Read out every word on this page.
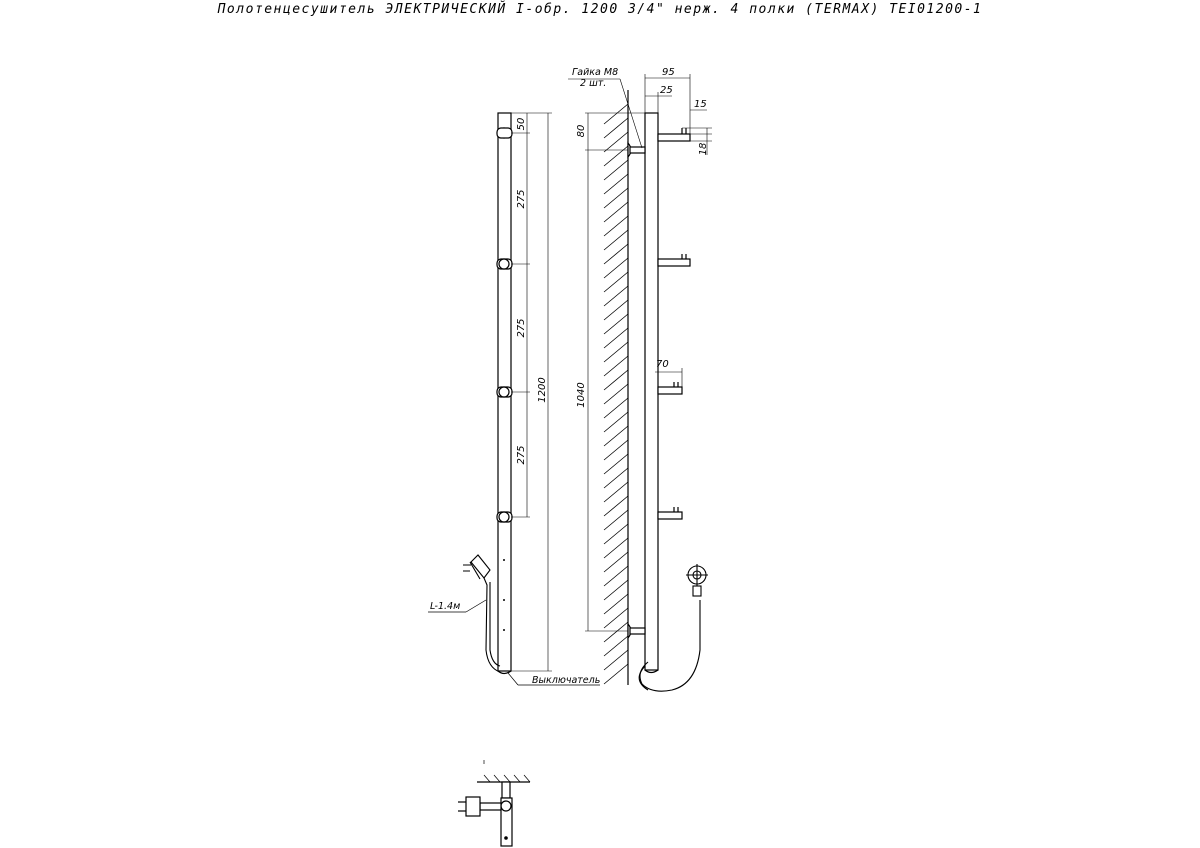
Полотенцесушитель ЭЛЕКТРИЧЕСКИЙ I-обр. 1200 3/4" нерж. 4 полки (TERMAX) TEI01200-1
50
275
275
275
1200
L-1.4м
Выключатель
Гайка М8
2 шт.
95
25
15
18
80
1040
70
